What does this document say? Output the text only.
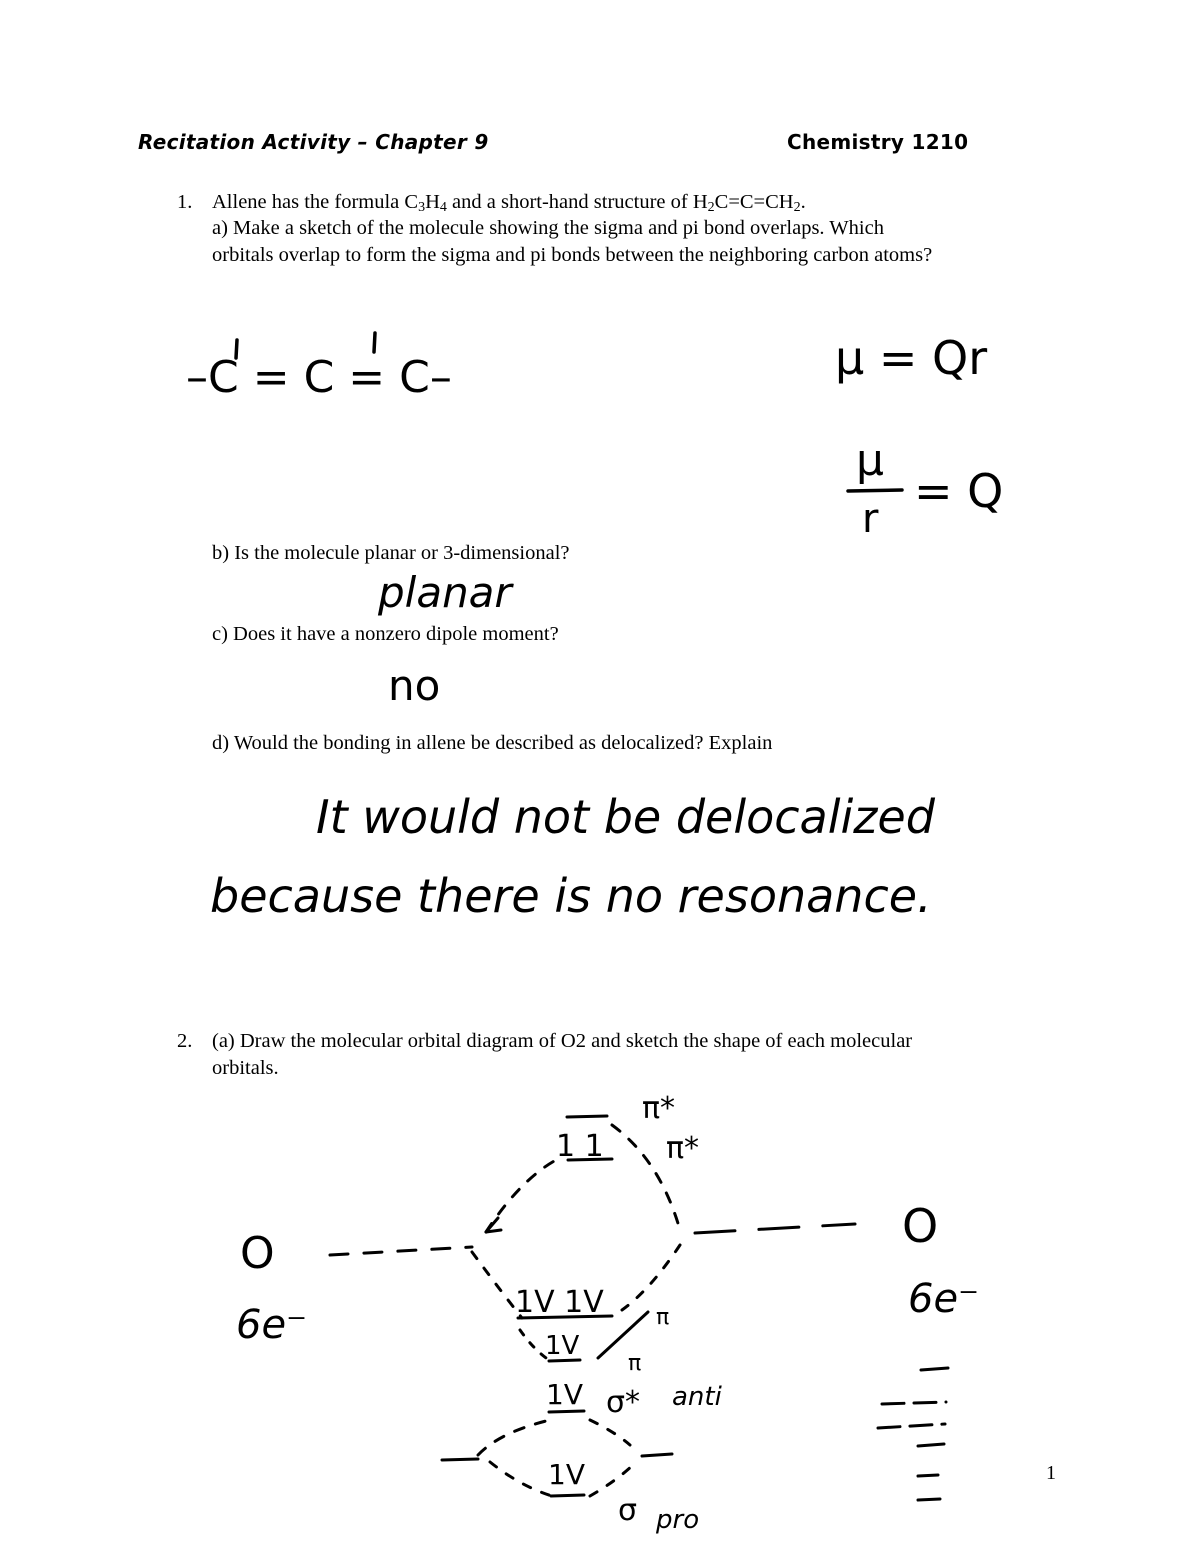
Recitation Activity – Chapter 9	Chemistry 1210

1. Allene has the formula $C_3H_4$ and a short-hand structure of $H_2C=C=CH_2$.
a) Make a sketch of the molecule showing the sigma and pi bond overlaps. Which
orbitals overlap to form the sigma and pi bonds between the neighboring carbon atoms?
b) Is the molecule planar or 3-dimensional?
c) Does it have a nonzero dipole moment?
d) Would the bonding in allene be described as delocalized? Explain
2. (a) Draw the molecular orbital diagram of O2 and sketch the shape of each molecular
orbitals.
1
–C = C = C–	μ = Qr
μ
r
= Q
planar
no
It would not be delocalized
because there is no resonance.
O
6e⁻
O
6e⁻
π*
π*
1 1
1V 1V π
π
1V
1V σ* anti
1V
σ pro
